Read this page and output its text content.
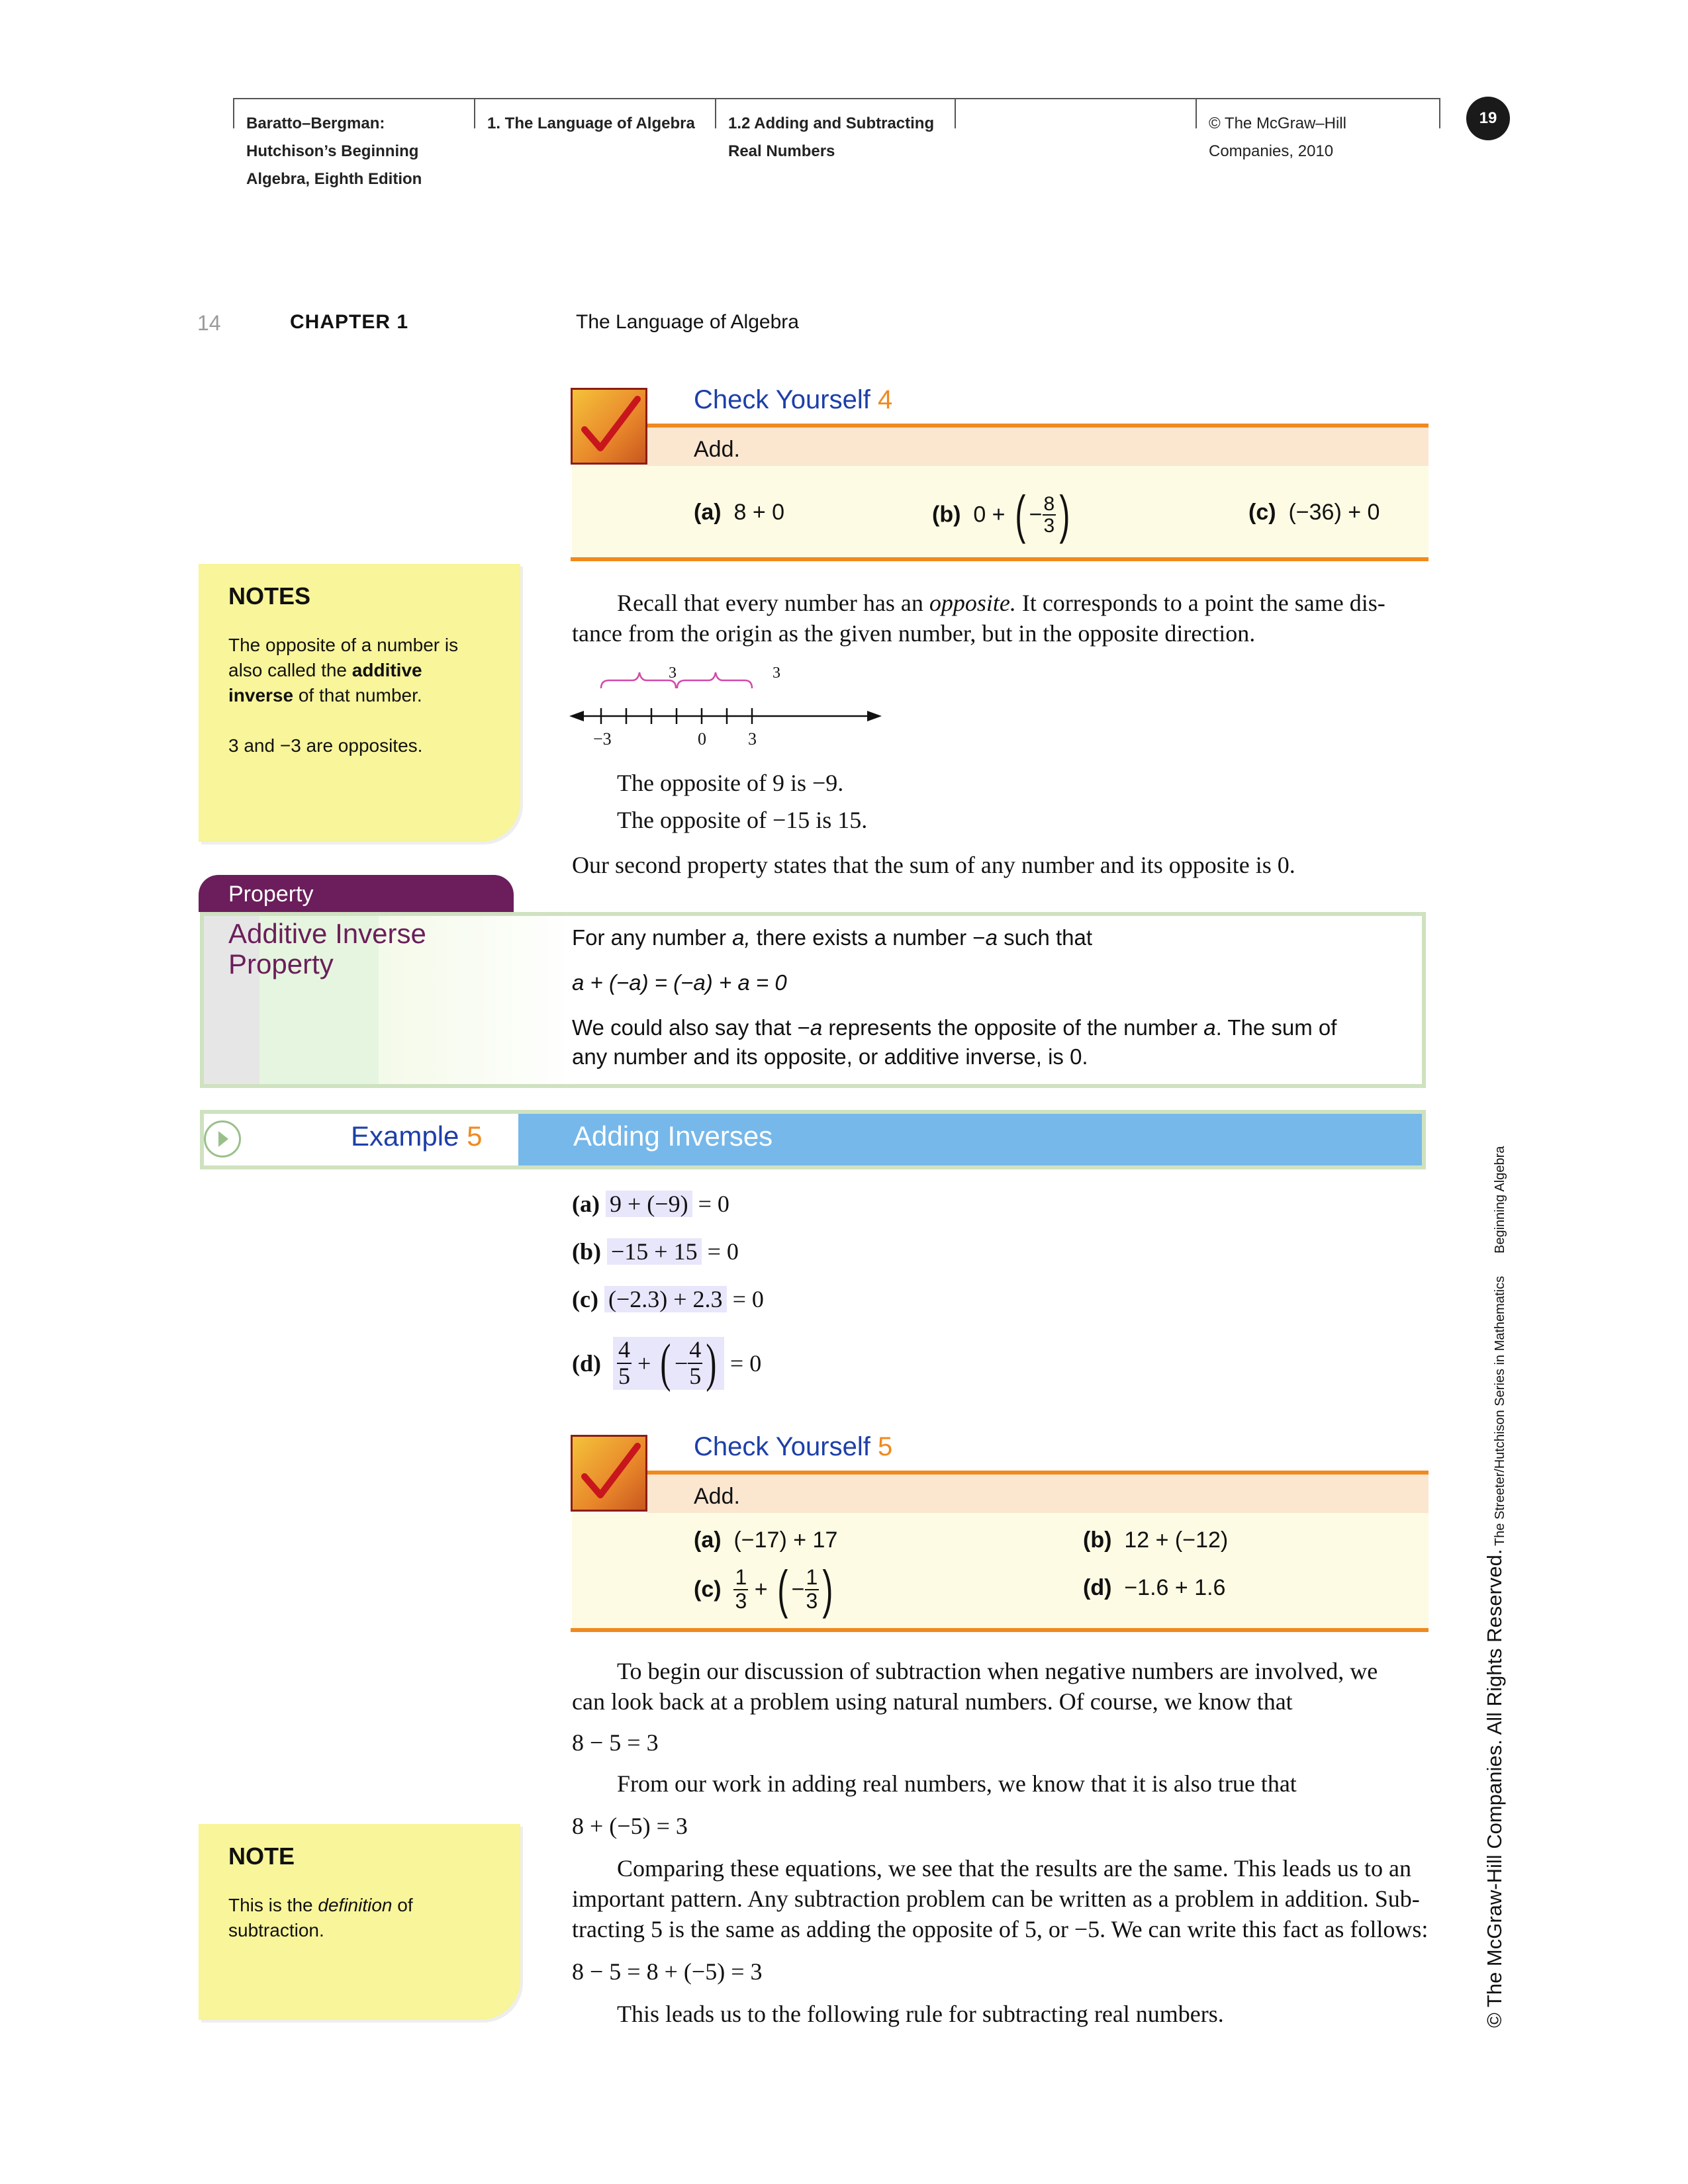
Baratto–Bergman:
Hutchison’s Beginning
Algebra, Eighth Edition
1. The Language of Algebra 1.2 Adding and Subtracting
Real Numbers
© The McGraw–Hill
Companies, 2010
19
14	CHAPTER 1	The Language of Algebra
Check Yourself 4
Add.
(a) 8 + 0	(b) 0 + ( − $\frac{8}{3}$ )	(c) (−36) + 0
NOTES
The opposite of a number is
also called the additive
inverse of that number.
3 and −3 are opposites.
Recall that every number has an opposite. It corresponds to a point the same dis-
tance from the origin as the given number, but in the opposite direction.
3	3
−3	0 3
The opposite of 9 is −9.
The opposite of −15 is 15.
Our second property states that the sum of any number and its opposite is 0.
Property
Additive Inverse
Property
For any number a, there exists a number −a such that
a + (−a) = (−a) + a = 0
We could also say that −a represents the opposite of the number a. The sum of
any number and its opposite, or additive inverse, is 0.
Example 5	Adding Inverses
(a) 9 + (−9) = 0
(b) −15 + 15 = 0
(c) (−2.3) + 2.3 = 0
$(d) \frac{4}{5}$ + ( − $\frac{4}{5}$ ) = 0
Check Yourself 5
Add.
(a) (−17) + 17	(b) 12 + (−12)
$(c) \frac{1}{3}$ + ( − $\frac{1}{3}$ )	(d) −1.6 + 1.6
To begin our discussion of subtraction when negative numbers are involved, we
can look back at a problem using natural numbers. Of course, we know that
8 − 5 = 3
From our work in adding real numbers, we know that it is also true that
8 + (−5) = 3
Comparing these equations, we see that the results are the same. This leads us to an
important pattern. Any subtraction problem can be written as a problem in addition. Sub-
tracting 5 is the same as adding the opposite of 5, or −5. We can write this fact as follows:
8 − 5 = 8 + (−5) = 3
This leads us to the following rule for subtracting real numbers.
NOTE
This is the definition of
subtraction.
Beginning Algebra
The Streeter/Hutchison Series in Mathematics
© The McGraw-Hill Companies. All Rights Reserved.
